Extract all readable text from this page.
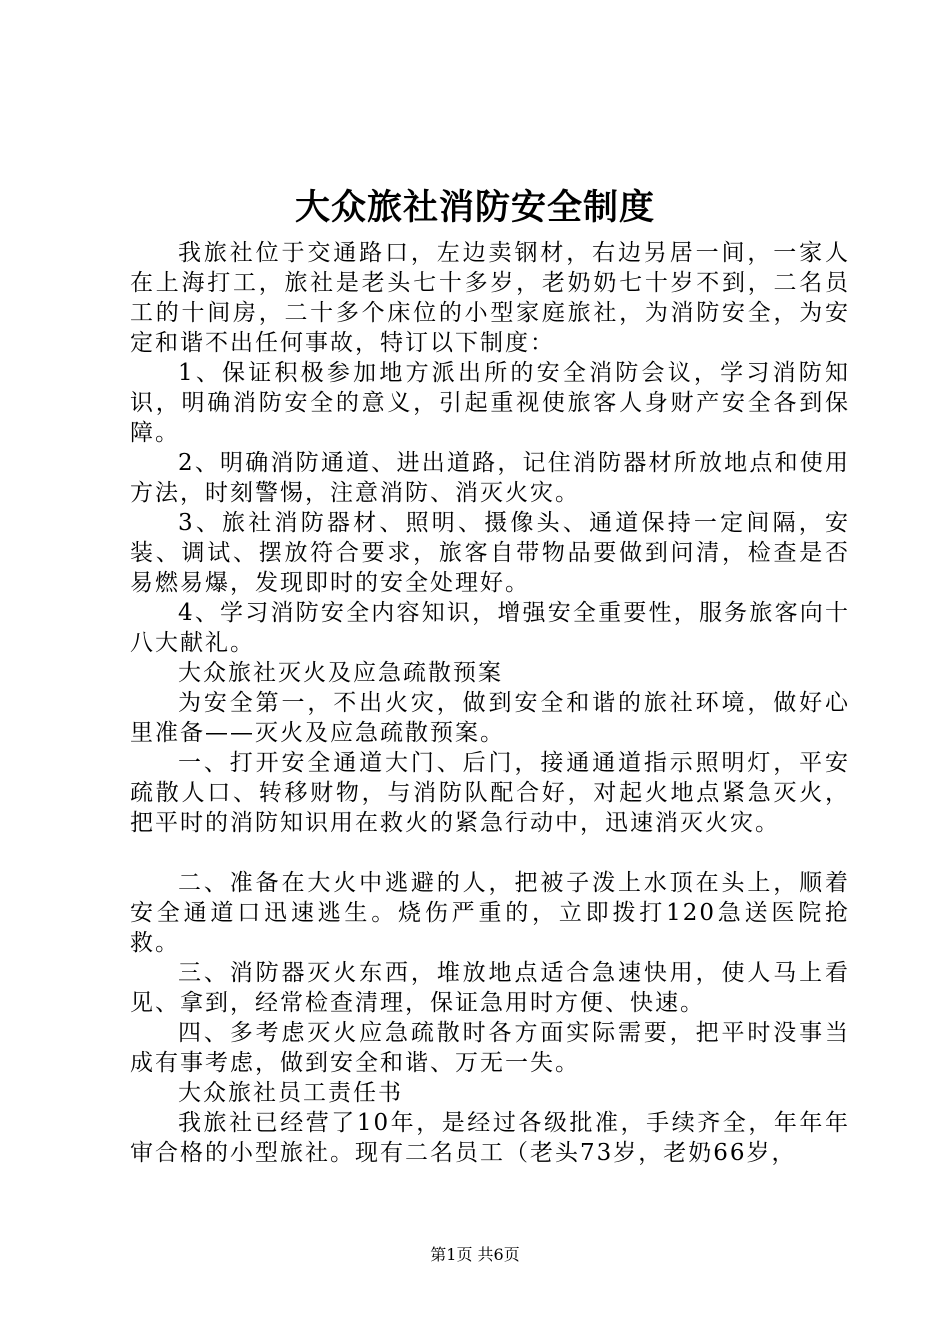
大众旅社消防安全制度

我旅社位于交通路口，左边卖钢材，右边另居一间，一家人在上海打工，旅社是老头七十多岁，老奶奶七十岁不到，二名员工的十间房，二十多个床位的小型家庭旅社，为消防安全，为安定和谐不出任何事故，特订以下制度：

1、保证积极参加地方派出所的安全消防会议，学习消防知识，明确消防安全的意义，引起重视使旅客人身财产安全各到保障。

2、明确消防通道、进出道路，记住消防器材所放地点和使用方法，时刻警惕，注意消防、消灭火灾。

3、旅社消防器材、照明、摄像头、通道保持一定间隔，安装、调试、摆放符合要求，旅客自带物品要做到问清，检查是否易燃易爆，发现即时的安全处理好。

4、学习消防安全内容知识，增强安全重要性，服务旅客向十八大献礼。

大众旅社灭火及应急疏散预案

为安全第一，不出火灾，做到安全和谐的旅社环境，做好心里准备——灭火及应急疏散预案。

一、打开安全通道大门、后门，接通通道指示照明灯，平安疏散人口、转移财物，与消防队配合好，对起火地点紧急灭火，把平时的消防知识用在救火的紧急行动中，迅速消灭火灾。

二、准备在大火中逃避的人，把被子泼上水顶在头上，顺着安全通道口迅速逃生。烧伤严重的，立即拨打120急送医院抢救。

三、消防器灭火东西，堆放地点适合急速快用，使人马上看见、拿到，经常检查清理，保证急用时方便、快速。

四、多考虑灭火应急疏散时各方面实际需要，把平时没事当成有事考虑，做到安全和谐、万无一失。

大众旅社员工责任书

我旅社已经营了10年，是经过各级批准，手续齐全，年年年审合格的小型旅社。现有二名员工（老头73岁，老奶66岁，

第1页 共6页
